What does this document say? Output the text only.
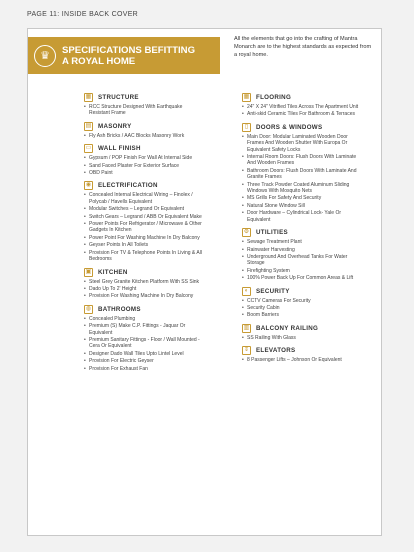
PAGE 11: INSIDE BACK COVER
♛	SPECIFICATIONS BEFITTING
A ROYAL HOME

All the elements that go into the crafting of Mantra Monarch are to the highest standards as expected from a royal home.

▦ STRUCTURE
• RCC Structure Designed With Earthquake Resistant Frame
▤ MASONRY
• Fly Ash Bricks / AAC Blocks Masonry Work
▭ WALL FINISH
• Gypsum / POP Finish For Wall At Internal Side
• Sand Faced Plaster For Exterior Surface
• OBD Paint
◉	ELECTRIFICATION
• Concealed Internal Electrical Wiring – Finolex / Polycab / Havells Equivalent
• Modular Switches – Legrand Or Equivalent
• Switch Gears – Legrand / ABB Or Equivalent Make
• Power Points For Refrigerator / Microwave & Other Gadgets In Kitchen
• Power Point For Washing Machine In Dry Balcony
• Geyser Points In All Toilets
• Provision For TV & Telephone Points In Living & All Bedrooms
▣ KITCHEN
• Steel Grey Granite Kitchen Platform With SS Sink
• Dado Up To 2' Height
• Provision For Washing Machine In Dry Balcony
◍	BATHROOMS
• Concealed Plumbing
• Premium (S) Make C.P. Fittings - Jaquar Or Equivalent
• Premium Sanitary Fittings - Floor / Wall Mounted - Cera Or Equivalent
• Designer Dado Wall Tiles Upto Lintel Level
• Provision For Electric Geyser
• Provision For Exhaust Fan
▦ FLOORING
• 24" X 24" Vitrified Tiles Across The Apartment Unit
• Anti-skid Ceramic Tiles For Bathroom & Terraces
▯	DOORS & WINDOWS
• Main Door: Modular Laminated Wooden Door Frames And Wooden Shutter With Europa Or Equivalent Safety Locks
• Internal Room Doors: Flush Doors With Laminate And Wooden Frames
• Bathroom Doors: Flush Doors With Laminate And Granite Frames
• Three Track Powder Coated Aluminum Sliding Windows With Mosquito Nets
• MS Grills For Safety And Security
• Natural Stone Window Sill
• Door Hardware – Cylindrical Lock- Yale Or Equivalent
⚙ UTILITIES
• Sewage Treatment Plant
• Rainwater Harvesting
• Underground And Overhead Tanks For Water Storage
• Firefighting System
• 100% Power Back Up For Common Areas & Lift
◐	SECURITY
• CCTV Cameras For Security
• Security Cabin
• Boom Barriers
▥ BALCONY RAILING
• SS Railing With Glass
⇕	ELEVATORS
• 8 Passenger Lifts – Johnson Or Equivalent
